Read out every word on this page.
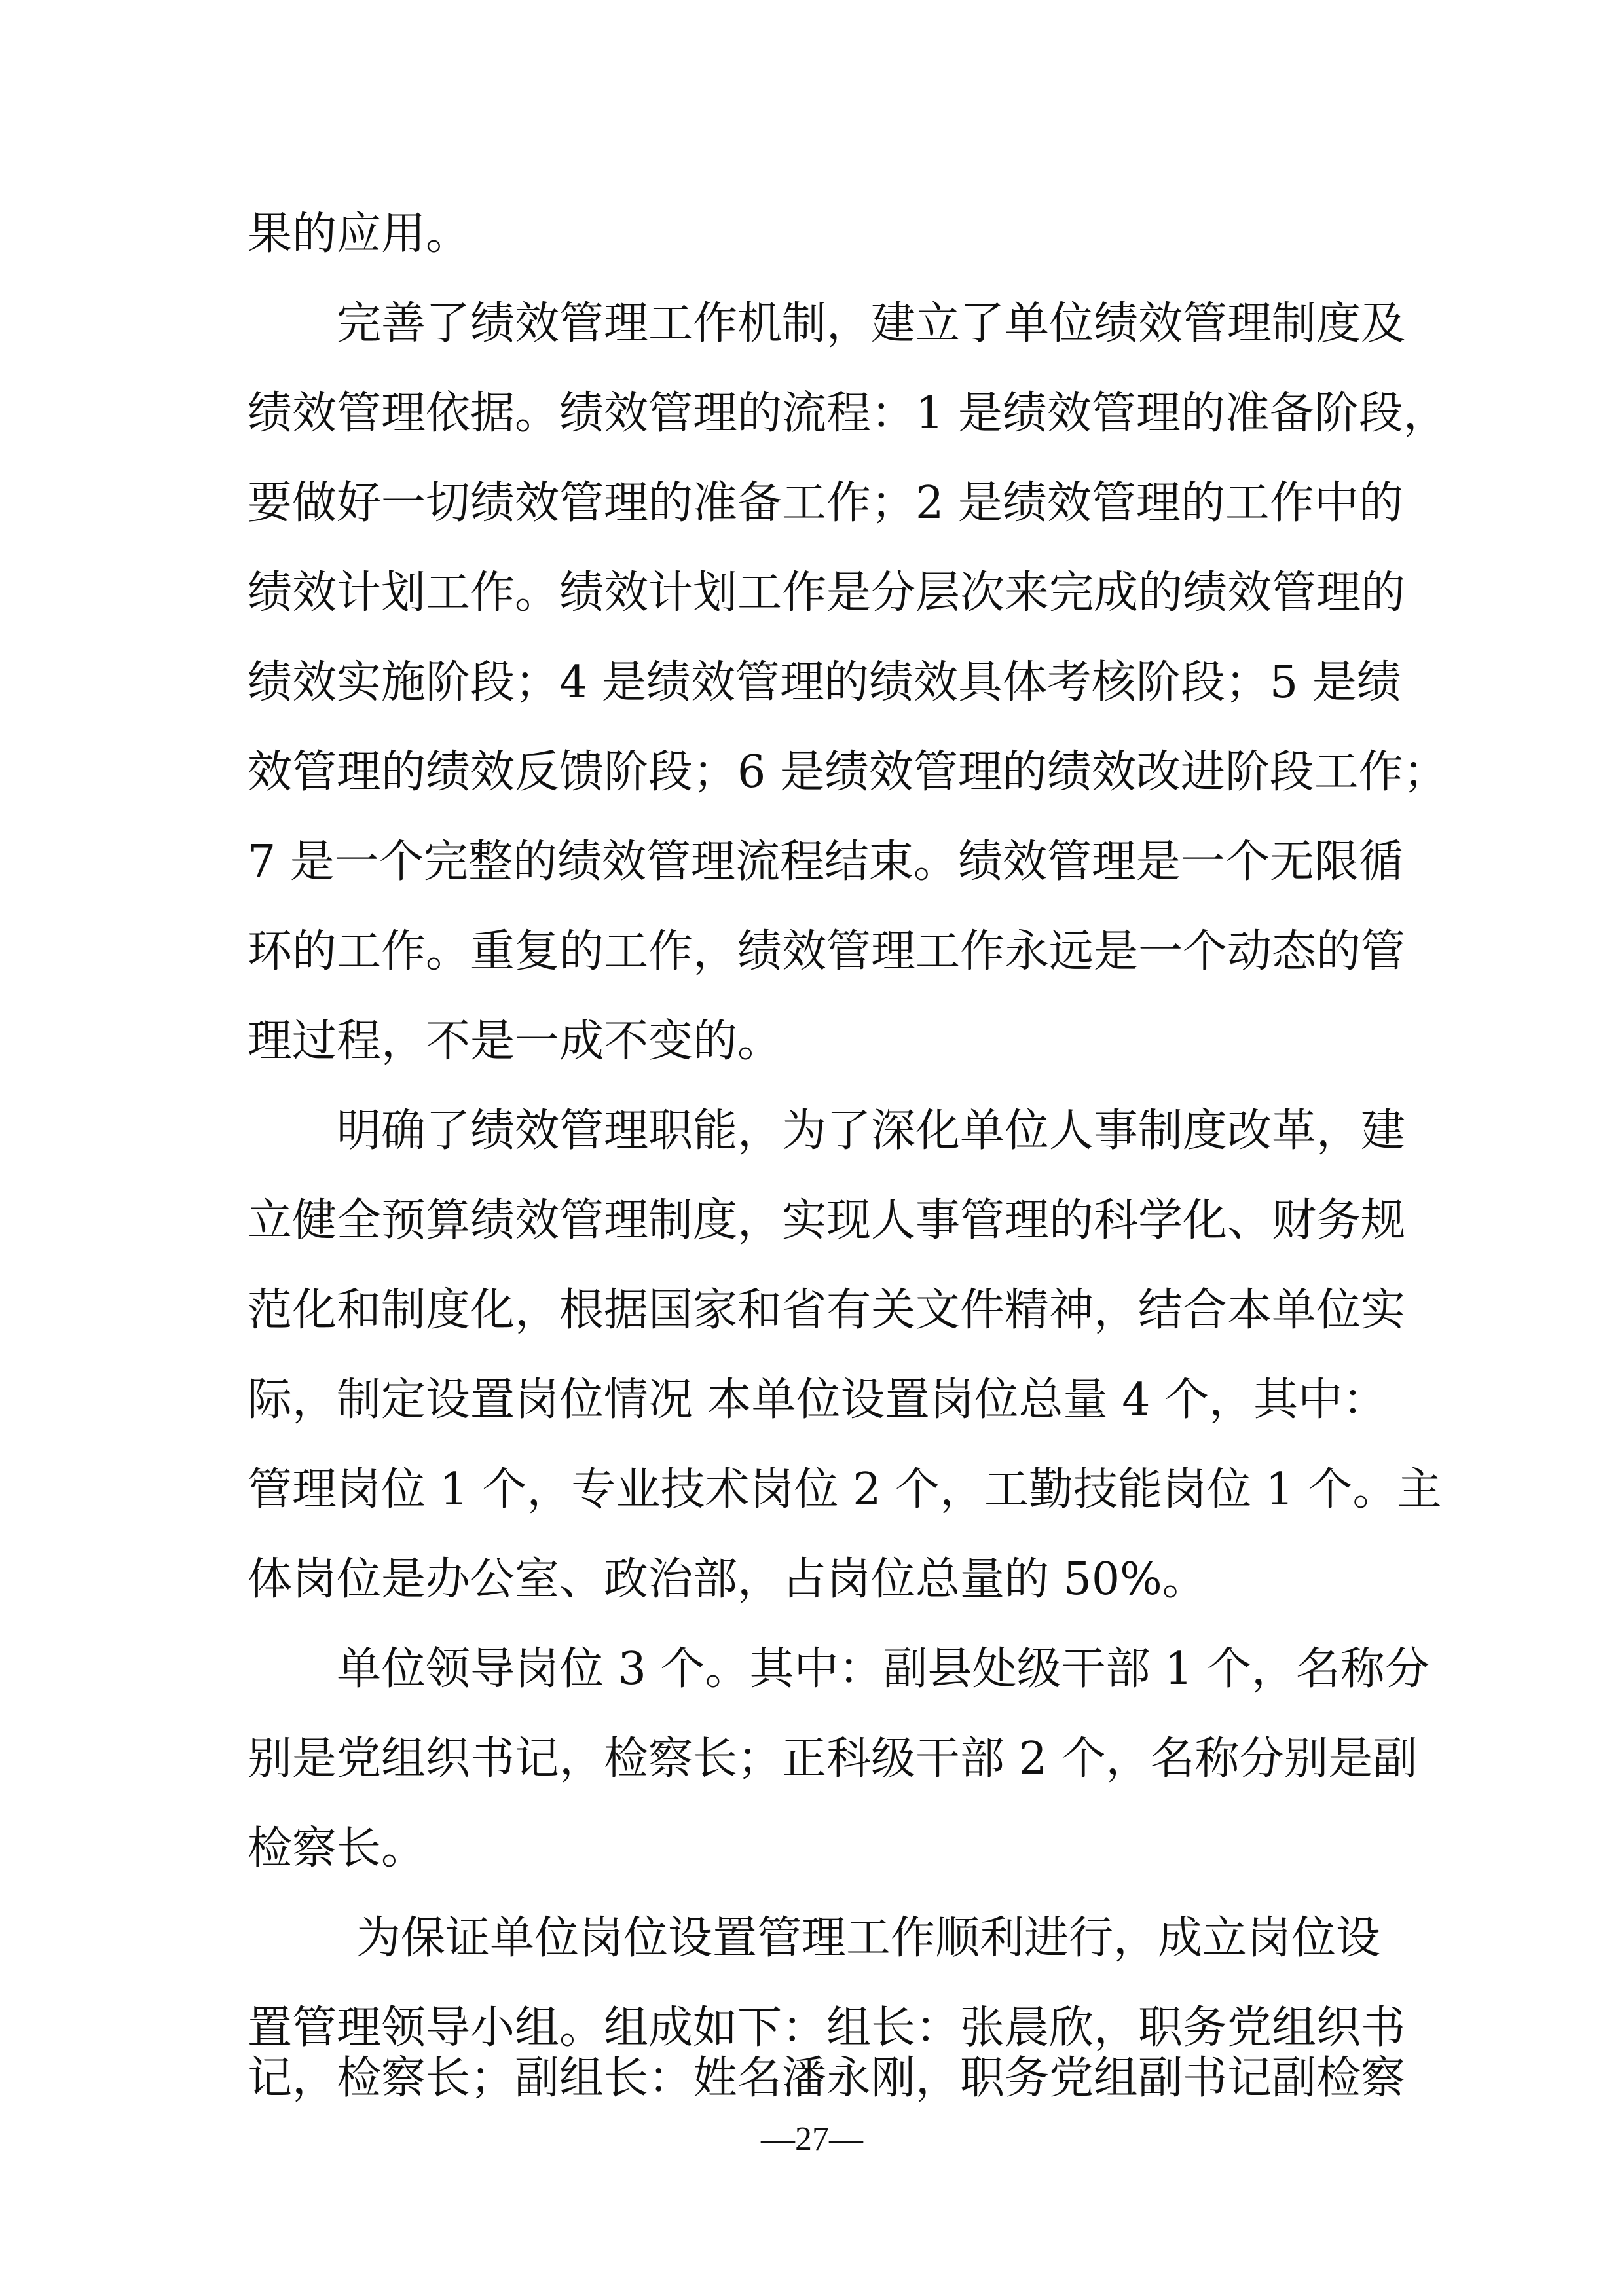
果的应用。
完善了绩效管理工作机制，建立了单位绩效管理制度及
绩效管理依据。绩效管理的流程：1 是绩效管理的准备阶段，
要做好一切绩效管理的准备工作；2 是绩效管理的工作中的
绩效计划工作。绩效计划工作是分层次来完成的绩效管理的
绩效实施阶段；4 是绩效管理的绩效具体考核阶段；5 是绩
效管理的绩效反馈阶段；6 是绩效管理的绩效改进阶段工作；
7 是一个完整的绩效管理流程结束。绩效管理是一个无限循
环的工作。重复的工作，绩效管理工作永远是一个动态的管
理过程，不是一成不变的。
明确了绩效管理职能，为了深化单位人事制度改革，建
立健全预算绩效管理制度，实现人事管理的科学化、财务规
范化和制度化，根据国家和省有关文件精神，结合本单位实
际，制定设置岗位情况 本单位设置岗位总量 4 个，其中：
管理岗位 1 个，专业技术岗位 2 个，工勤技能岗位 1 个。主
体岗位是办公室、政治部，占岗位总量的 50%。
单位领导岗位 3 个。其中：副县处级干部 1 个，名称分
别是党组织书记，检察长；正科级干部 2 个，名称分别是副
检察长。
为保证单位岗位设置管理工作顺利进行，成立岗位设
置管理领导小组。组成如下：组长：张晨欣，职务党组织书
记，检察长；副组长：姓名潘永刚，职务党组副书记副检察
—27—
